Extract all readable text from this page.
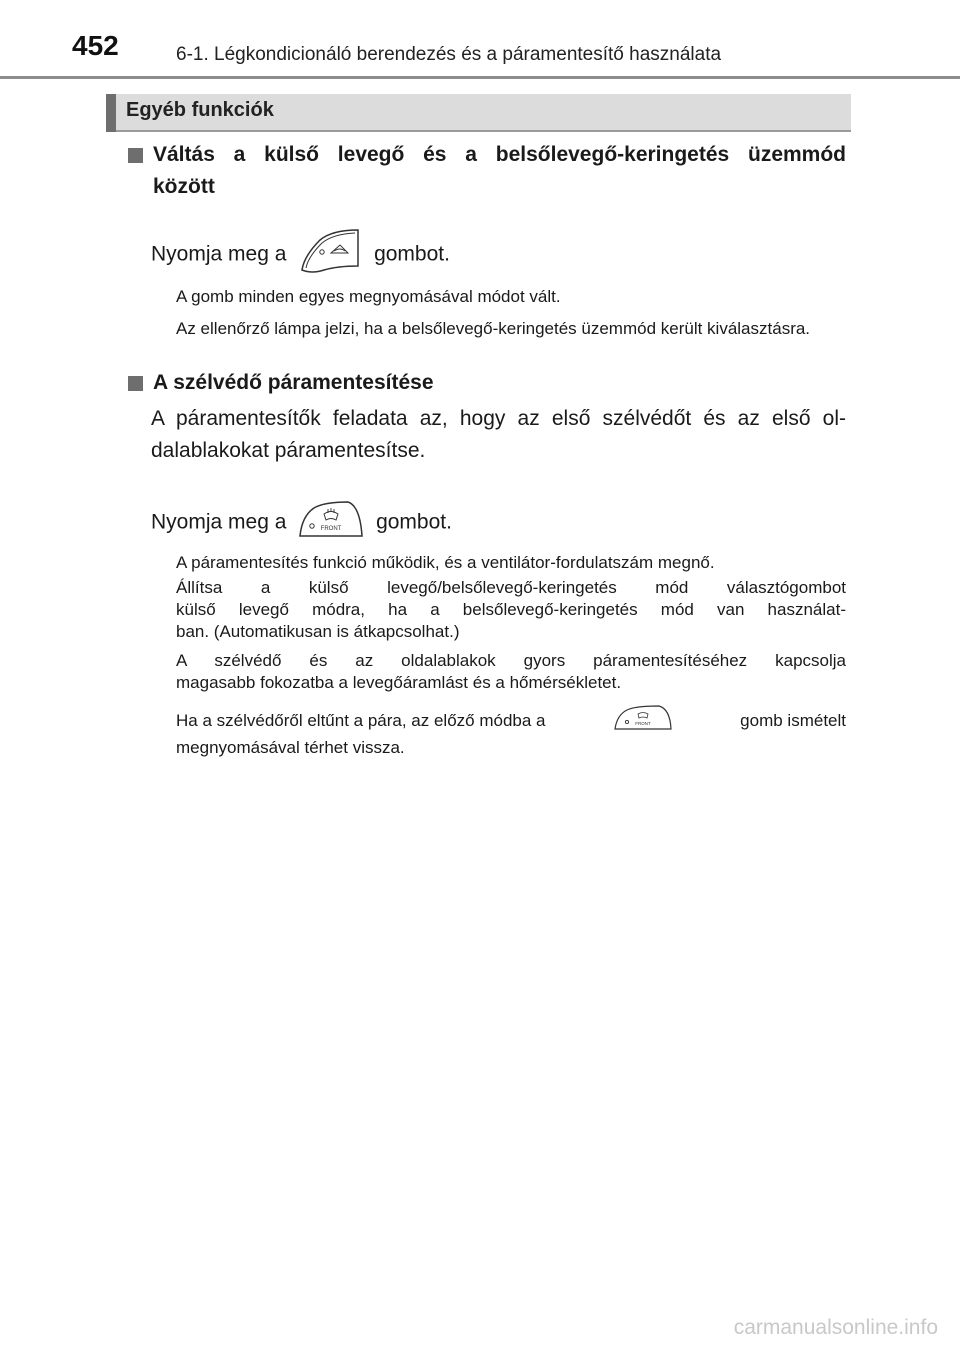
452	6-1. Légkondicionáló berendezés és a páramentesítő használata
Egyéb funkciók
Váltás a külső levegő és a belsőlevegő-keringetés üzemmód
között
Nyomja meg a	gombot.
A gomb minden egyes megnyomásával módot vált.
Az ellenőrző lámpa jelzi, ha a belsőlevegő-keringetés üzemmód került kiválasztásra.
A szélvédő páramentesítése
A páramentesítők feladata az, hogy az első szélvédőt és az első ol-
dalablakokat páramentesítse.
Nyomja meg a	FRONT gombot.
A páramentesítés funkció működik, és a ventilátor-fordulatszám megnő.
Állítsa a külső levegő/belsőlevegő-keringetés mód választógombot
külső levegő módra, ha a belsőlevegő-keringetés mód van használat-
ban. (Automatikusan is átkapcsolhat.)
A szélvédő és az oldalablakok gyors páramentesítéséhez kapcsolja
magasabb fokozatba a levegőáramlást és a hőmérsékletet.
Ha a szélvédőről eltűnt a pára, az előző módba a	FRONT	gomb ismételt
megnyomásával térhet vissza.
carmanualsonline.info
